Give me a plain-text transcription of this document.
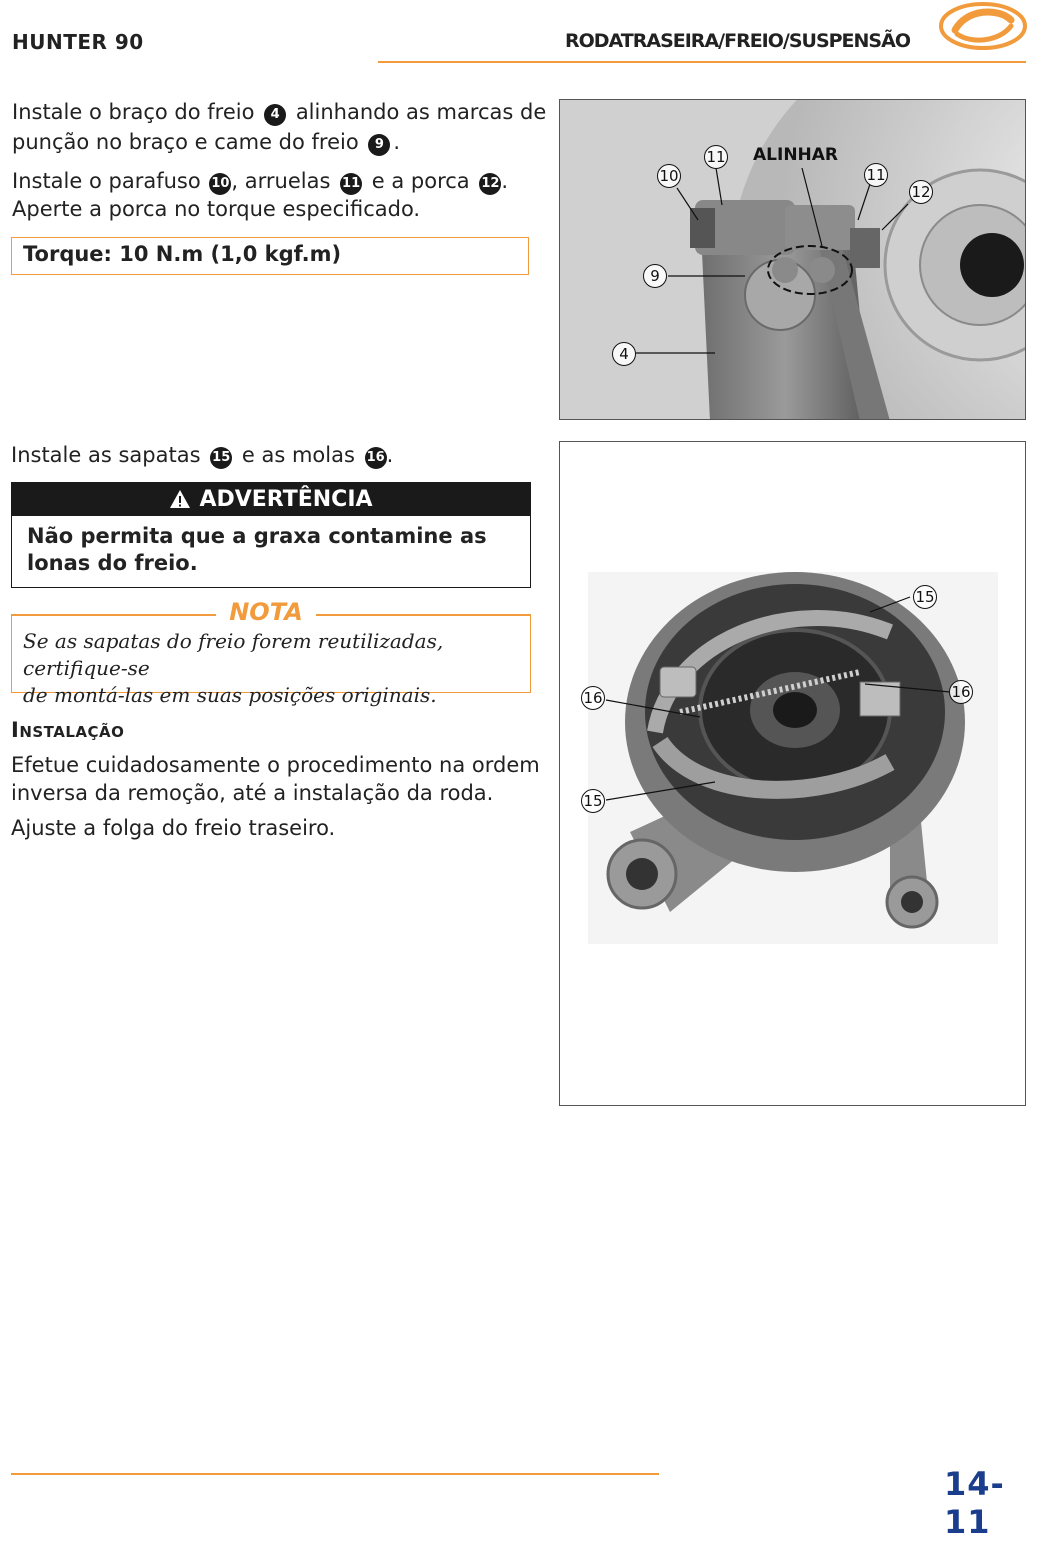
HUNTER 90	RODATRASEIRA/FREIO/SUSPENSÃO
Instale o braço do freio 4 alinhando as marcas de
punção no braço e came do freio 9 .
Instale o parafuso 10, arruelas 11 e a porca 12.
Aperte a porca no torque especificado.
Torque: 10 N.m (1,0 kgf.m)
Instale as sapatas 15 e as molas 16.
ADVERTÊNCIA
Não permita que a graxa contamine as
lonas do freio.
NOTA
Se as sapatas do freio forem reutilizadas, certifique-se
de montá-las em suas posições originais.
Instalação
Efetue cuidadosamente o procedimento na ordem
inversa da remoção, até a instalação da roda.
Ajuste a folga do freio traseiro.
10
11 ALINHAR
11
12
9
4
15
16
16
15
14-11
